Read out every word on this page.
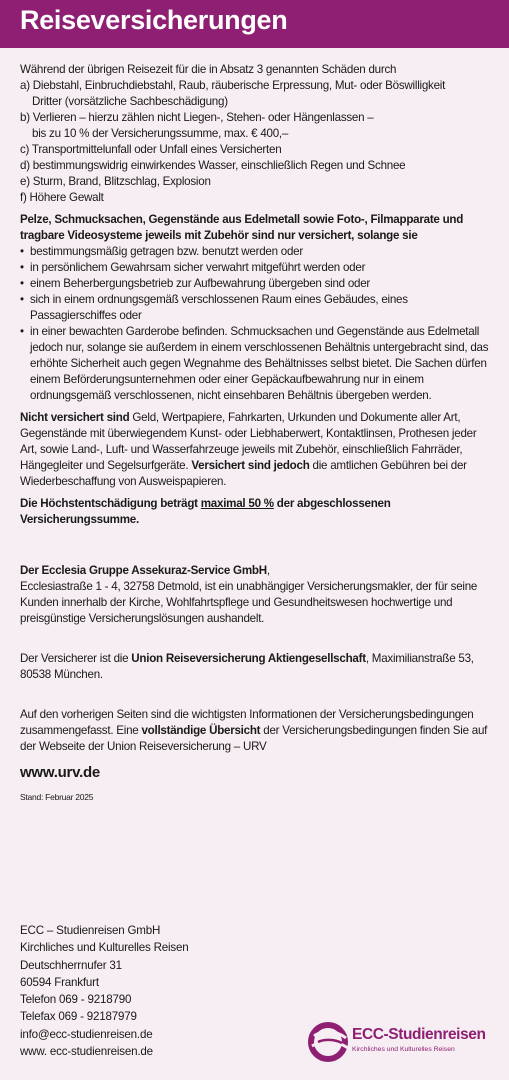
Reiseversicherungen

Während der übrigen Reisezeit für die in Absatz 3 genannten Schäden durch

a) Diebstahl, Einbruchdiebstahl, Raub, räuberische Erpressung, Mut- oder Böswilligkeit
Dritter (vorsätzliche Sachbeschädigung)

b) Verlieren – hierzu zählen nicht Liegen-, Stehen- oder Hängenlassen –
bis zu 10 % der Versicherungssumme, max. € 400,–

c) Transportmittelunfall oder Unfall eines Versicherten

d) bestimmungswidrig einwirkendes Wasser, einschließlich Regen und Schnee

e) Sturm, Brand, Blitzschlag, Explosion

f) Höhere Gewalt

Pelze, Schmucksachen, Gegenstände aus Edelmetall sowie Foto-, Filmapparate und tragbare Videosysteme jeweils mit Zubehör sind nur versichert, solange sie

• bestimmungsmäßig getragen bzw. benutzt werden oder

• in persönlichem Gewahrsam sicher verwahrt mitgeführt werden oder

• einem Beherbergungsbetrieb zur Aufbewahrung übergeben sind oder

• sich in einem ordnungsgemäß verschlossenen Raum eines Gebäudes, eines Passagierschiffes oder

• in einer bewachten Garderobe befinden. Schmucksachen und Gegenstände aus Edelmetall jedoch nur, solange sie außerdem in einem verschlossenen Behältnis untergebracht sind, das erhöhte Sicherheit auch gegen Wegnahme des Behältnisses selbst bietet. Die Sachen dürfen einem Beförderungsunternehmen oder einer Gepäckaufbewahrung nur in einem ordnungsgemäß verschlossenen, nicht einsehbaren Behältnis übergeben werden.

Nicht versichert sind Geld, Wertpapiere, Fahrkarten, Urkunden und Dokumente aller Art, Gegenstände mit überwiegendem Kunst- oder Liebhaberwert, Kontaktlinsen, Prothesen jeder Art, sowie Land-, Luft- und Wasserfahrzeuge jeweils mit Zubehör, einschließlich Fahrräder, Hängegleiter und Segelsurfgeräte. Versichert sind jedoch die amtlichen Gebühren bei der Wiederbeschaffung von Ausweispapieren.

Die Höchstentschädigung beträgt maximal 50 % der abgeschlossenen Versicherungssumme.

Der Ecclesia Gruppe Assekuraz-Service GmbH,
Ecclesiastraße 1 - 4, 32758 Detmold, ist ein unabhängiger Versicherungsmakler, der für seine Kunden innerhalb der Kirche, Wohlfahrtspflege und Gesundheitswesen hochwertige und preisgünstige Versicherungslösungen aushandelt.

Der Versicherer ist die Union Reiseversicherung Aktiengesellschaft, Maximilianstraße 53, 80538 München.

Auf den vorherigen Seiten sind die wichtigsten Informationen der Versicherungsbedingungen zusammengefasst. Eine vollständige Übersicht der Versicherungsbedingungen finden Sie auf der Webseite der Union Reiseversicherung – URV

www.urv.de

Stand: Februar 2025

ECC – Studienreisen GmbH
Kirchliches und Kulturelles Reisen
Deutschherrnufer 31
60594 Frankfurt
Telefon 069 - 9218790
Telefax 069 - 92187979
info@ecc-studienreisen.de
www. ecc-studienreisen.de
ECC-Studienreisen
Kirchliches und Kulturelles Reisen
